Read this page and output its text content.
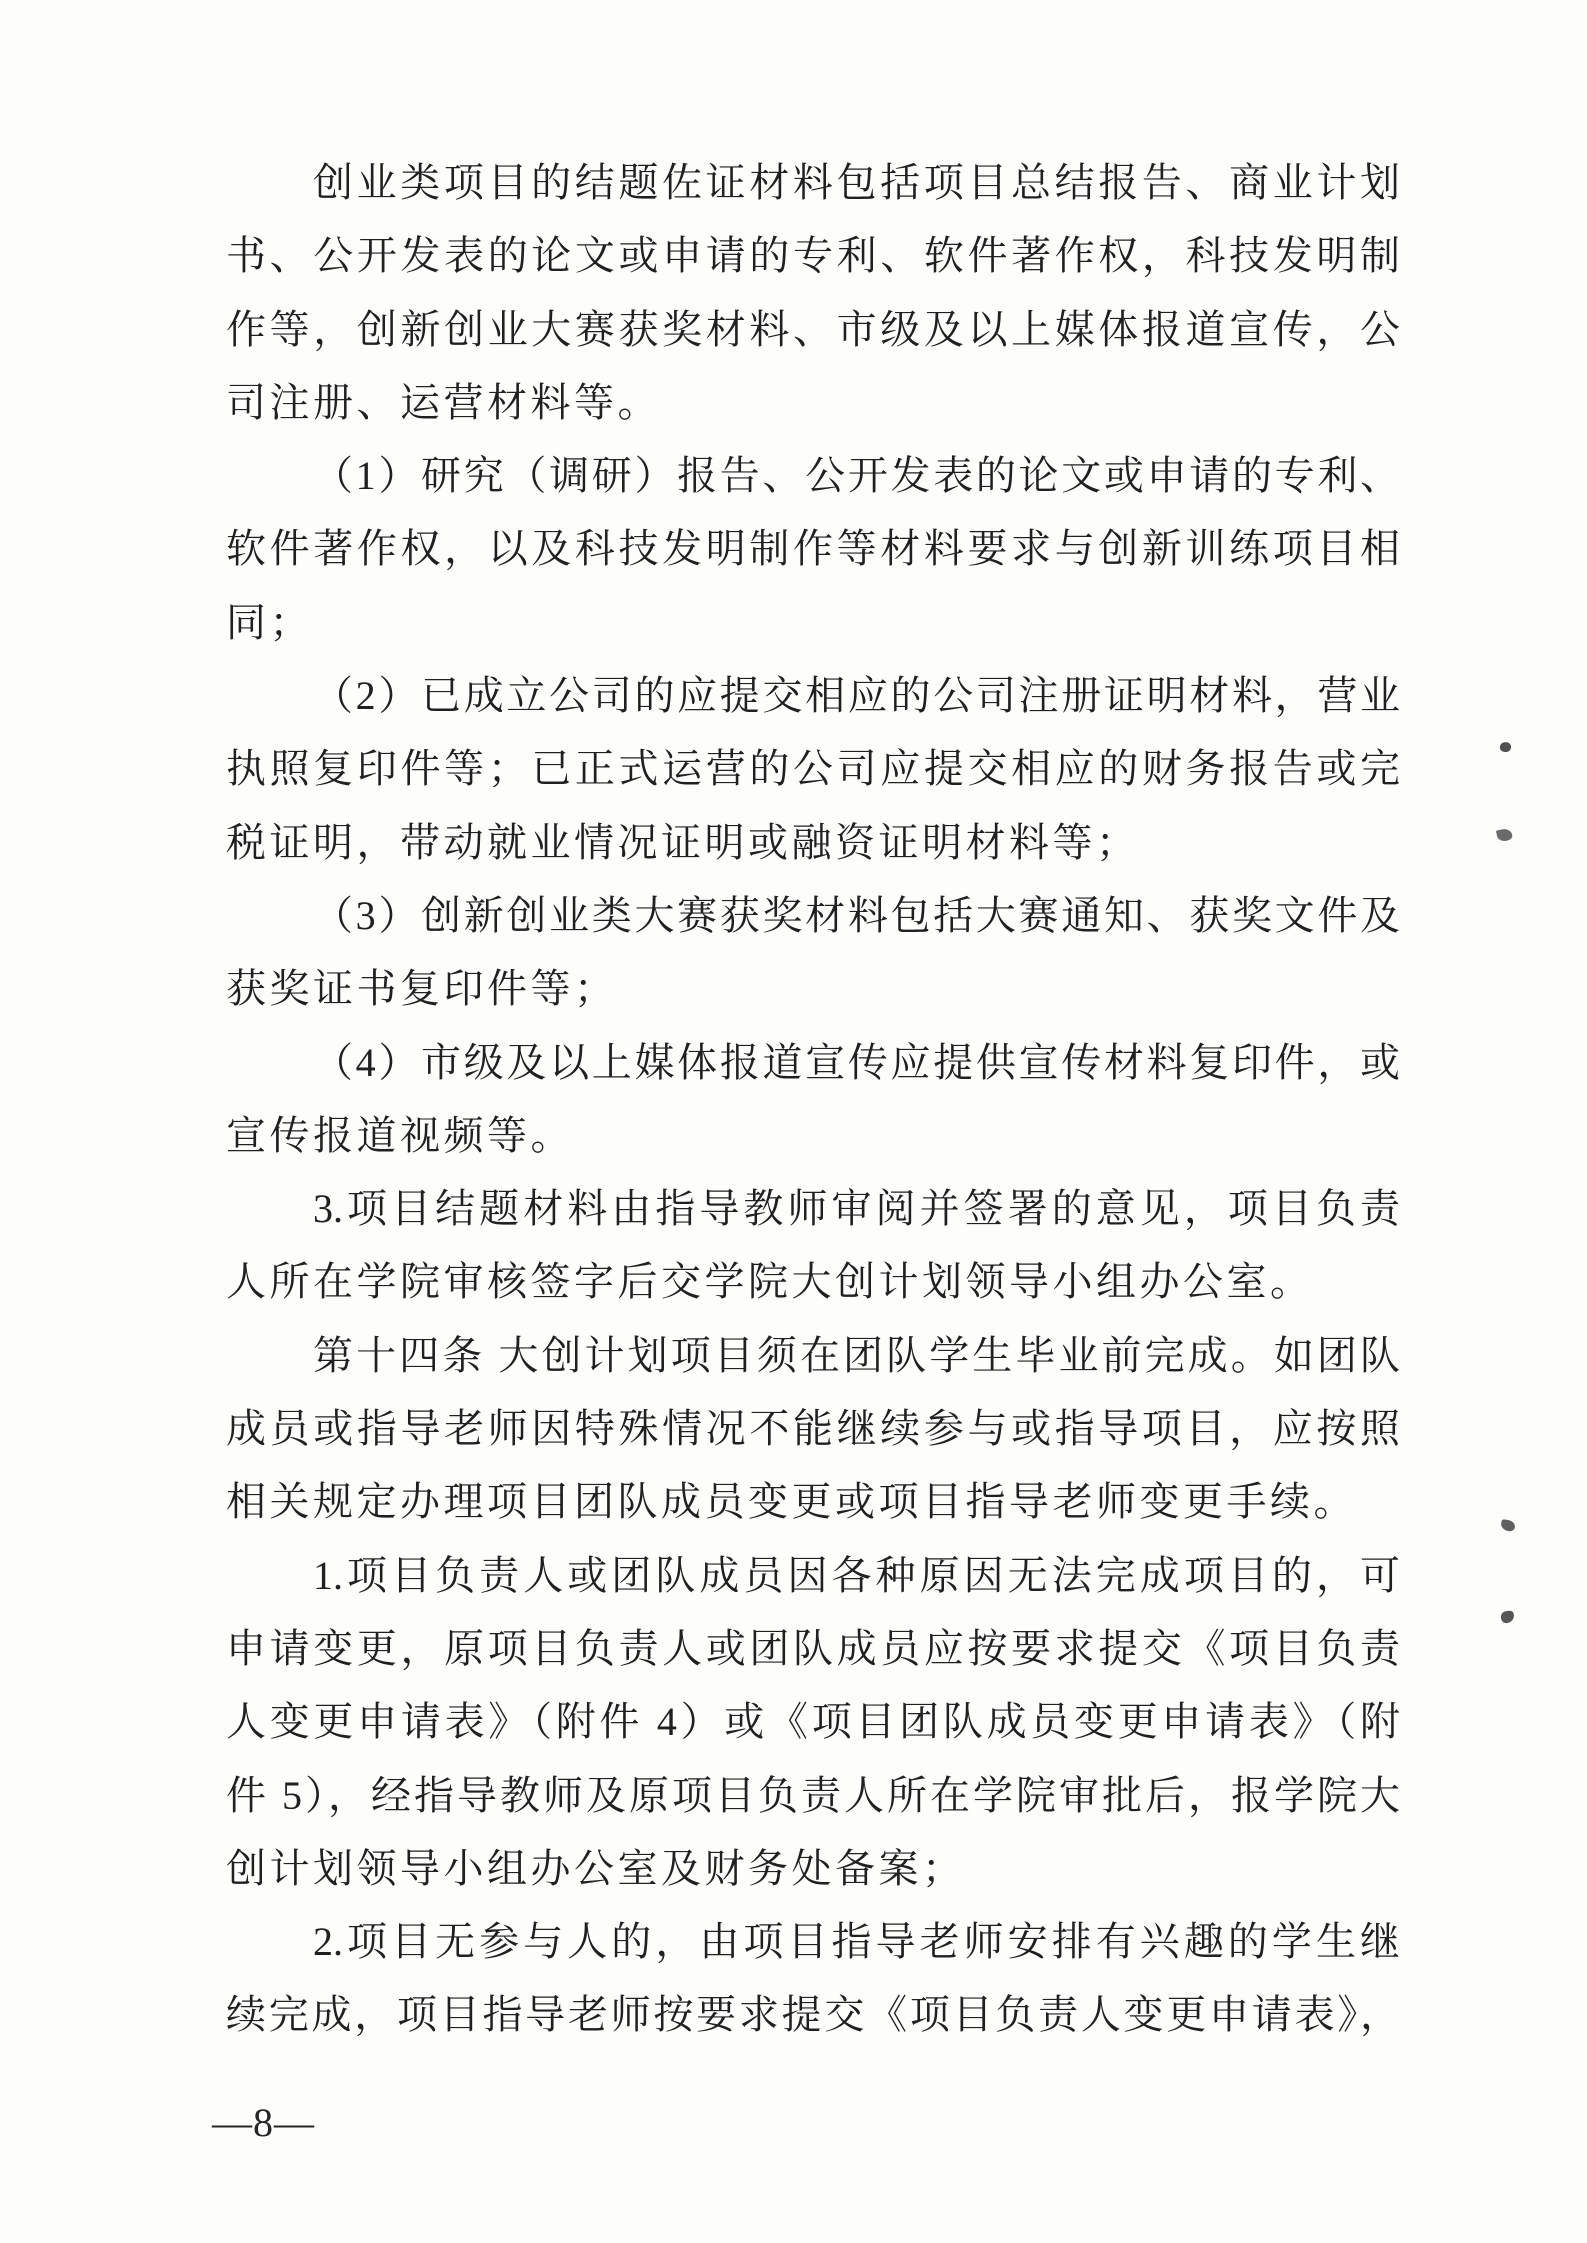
创业类项目的结题佐证材料包括项目总结报告、商业计划
书、公开发表的论文或申请的专利、软件著作权，科技发明制
作等，创新创业大赛获奖材料、市级及以上媒体报道宣传，公
司注册、运营材料等。
（1）研究（调研）报告、公开发表的论文或申请的专利、
软件著作权，以及科技发明制作等材料要求与创新训练项目相
同；
（2）已成立公司的应提交相应的公司注册证明材料，营业
执照复印件等；已正式运营的公司应提交相应的财务报告或完
税证明，带动就业情况证明或融资证明材料等；
（3）创新创业类大赛获奖材料包括大赛通知、获奖文件及
获奖证书复印件等；
（4）市级及以上媒体报道宣传应提供宣传材料复印件，或
宣传报道视频等。
3.项目结题材料由指导教师审阅并签署的意见，项目负责
人所在学院审核签字后交学院大创计划领导小组办公室。
第十四条 大创计划项目须在团队学生毕业前完成。如团队
成员或指导老师因特殊情况不能继续参与或指导项目，应按照
相关规定办理项目团队成员变更或项目指导老师变更手续。
1.项目负责人或团队成员因各种原因无法完成项目的，可
申请变更，原项目负责人或团队成员应按要求提交《项目负责
人变更申请表》（附件 4）或《项目团队成员变更申请表》（附
件 5），经指导教师及原项目负责人所在学院审批后，报学院大
创计划领导小组办公室及财务处备案；
2.项目无参与人的，由项目指导老师安排有兴趣的学生继
续完成，项目指导老师按要求提交《项目负责人变更申请表》，
—8—
